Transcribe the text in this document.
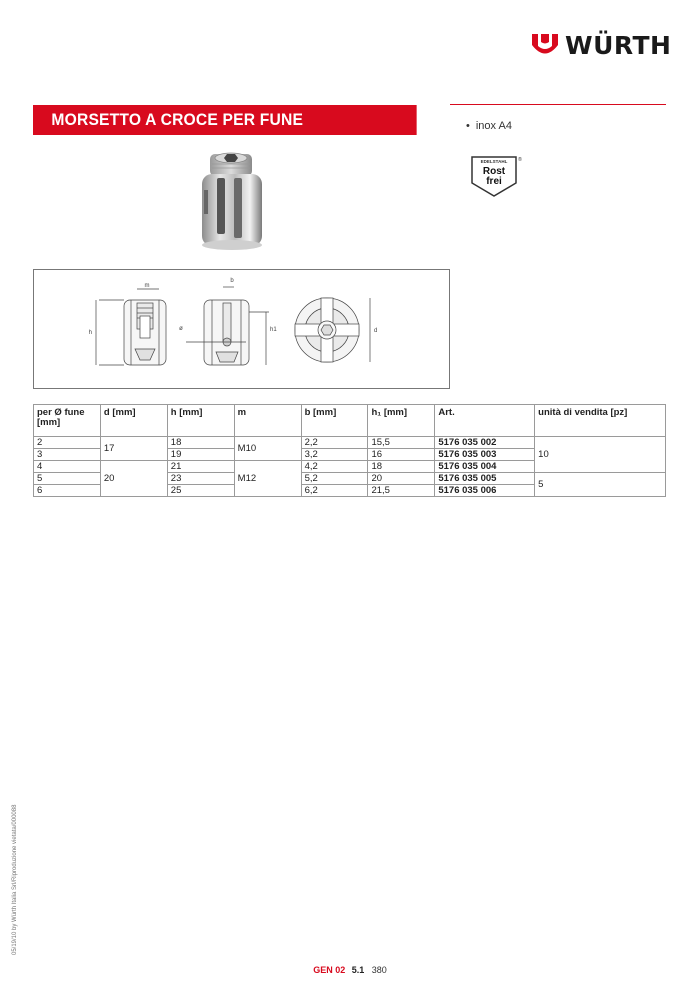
WÜRTH
MORSETTO A CROCE PER FUNE	• inox A4
EDELSTAHL
Rost
frei
®
m
h
b
ø	h1	d
per Ø fune [mm]	d [mm]	h [mm]	m	b [mm]	h₁ [mm]	Art.	unità di vendita [pz]
2	17	18	M10	2,2	15,5	5176 035 002	10
3		19		3,2	16	5176 035 003	
4	20	21	M12	4,2	18	5176 035 004	
5		23		5,2	20	5176 035 005	5
6		25		6,2	21,5	5176 035 006	
05/19/10 by Würth Italia Srl/Riproduzione vietata/000088
GEN 02 5.1 380
